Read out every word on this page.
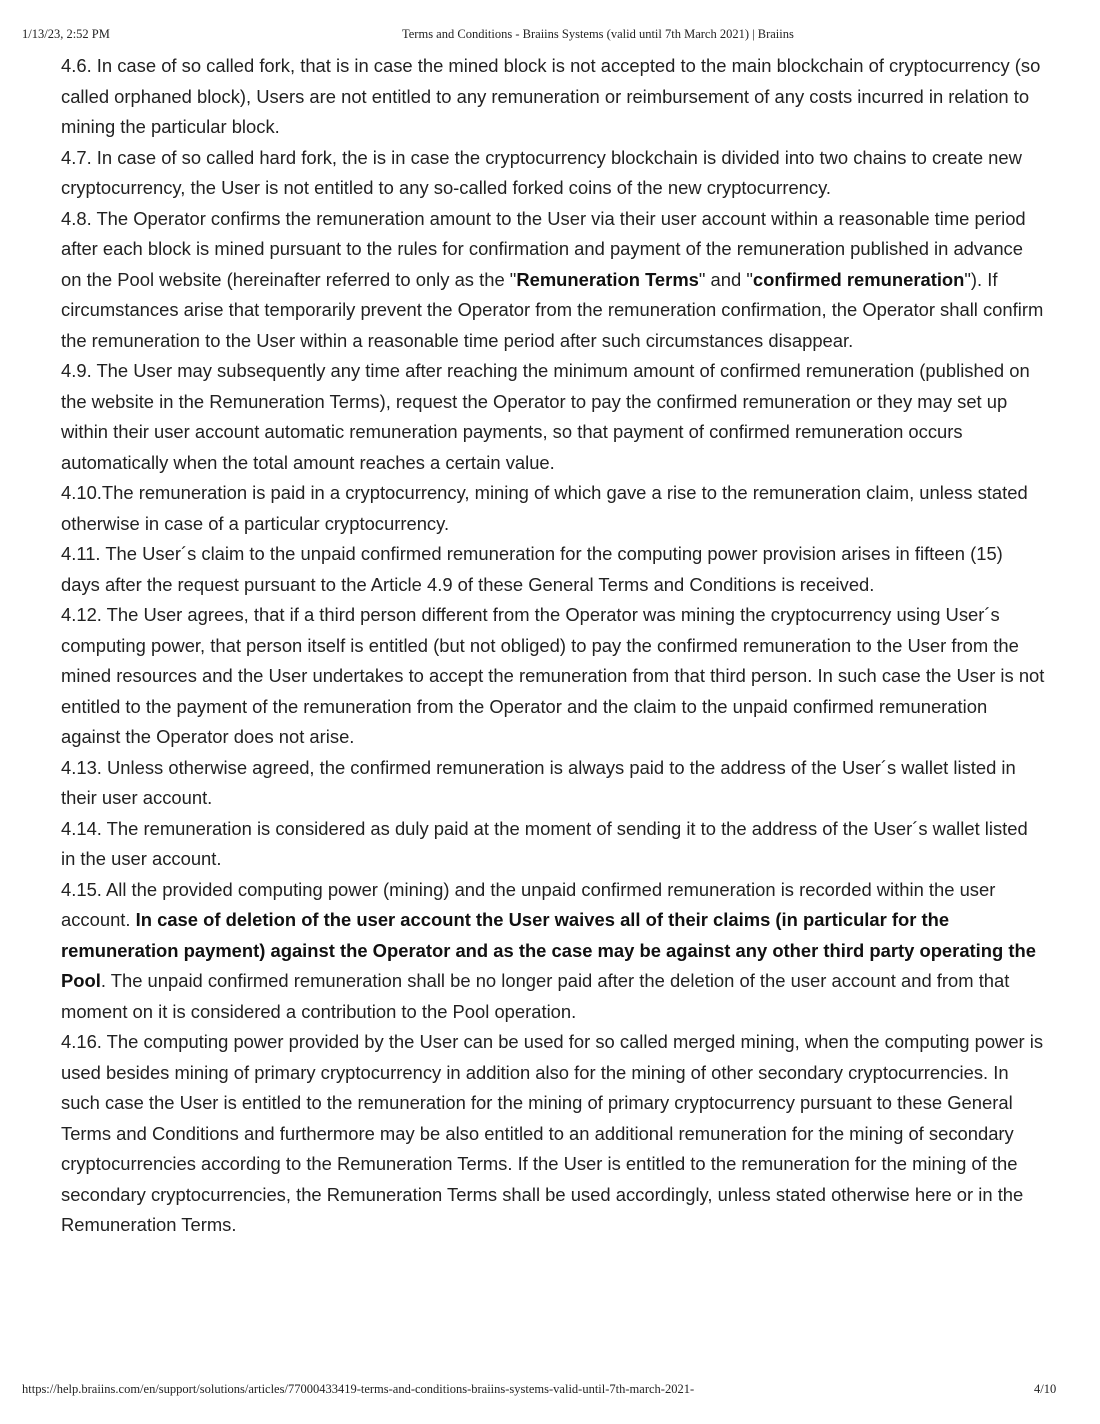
1/13/23, 2:52 PM	Terms and Conditions - Braiins Systems (valid until 7th March 2021) | Braiins

4.6. In case of so called fork, that is in case the mined block is not accepted to the main blockchain of cryptocurrency (so called orphaned block), Users are not entitled to any remuneration or reimbursement of any costs incurred in relation to mining the particular block.

4.7. In case of so called hard fork, the is in case the cryptocurrency blockchain is divided into two chains to create new cryptocurrency, the User is not entitled to any so-called forked coins of the new cryptocurrency.

4.8. The Operator confirms the remuneration amount to the User via their user account within a reasonable time period after each block is mined pursuant to the rules for confirmation and payment of the remuneration published in advance on the Pool website (hereinafter referred to only as the "Remuneration Terms" and "confirmed remuneration"). If circumstances arise that temporarily prevent the Operator from the remuneration confirmation, the Operator shall confirm the remuneration to the User within a reasonable time period after such circumstances disappear.

4.9. The User may subsequently any time after reaching the minimum amount of confirmed remuneration (published on the website in the Remuneration Terms), request the Operator to pay the confirmed remuneration or they may set up within their user account automatic remuneration payments, so that payment of confirmed remuneration occurs automatically when the total amount reaches a certain value.

4.10.The remuneration is paid in a cryptocurrency, mining of which gave a rise to the remuneration claim, unless stated otherwise in case of a particular cryptocurrency.

4.11. The User´s claim to the unpaid confirmed remuneration for the computing power provision arises in fifteen (15) days after the request pursuant to the Article 4.9 of these General Terms and Conditions is received.

4.12. The User agrees, that if a third person different from the Operator was mining the cryptocurrency using User´s computing power, that person itself is entitled (but not obliged) to pay the confirmed remuneration to the User from the mined resources and the User undertakes to accept the remuneration from that third person. In such case the User is not entitled to the payment of the remuneration from the Operator and the claim to the unpaid confirmed remuneration against the Operator does not arise.

4.13. Unless otherwise agreed, the confirmed remuneration is always paid to the address of the User´s wallet listed in their user account.

4.14. The remuneration is considered as duly paid at the moment of sending it to the address of the User´s wallet listed in the user account.

4.15. All the provided computing power (mining) and the unpaid confirmed remuneration is recorded within the user account. In case of deletion of the user account the User waives all of their claims (in particular for the remuneration payment) against the Operator and as the case may be against any other third party operating the Pool. The unpaid confirmed remuneration shall be no longer paid after the deletion of the user account and from that moment on it is considered a contribution to the Pool operation.

4.16. The computing power provided by the User can be used for so called merged mining, when the computing power is used besides mining of primary cryptocurrency in addition also for the mining of other secondary cryptocurrencies. In such case the User is entitled to the remuneration for the mining of primary cryptocurrency pursuant to these General Terms and Conditions and furthermore may be also entitled to an additional remuneration for the mining of secondary cryptocurrencies according to the Remuneration Terms. If the User is entitled to the remuneration for the mining of the secondary cryptocurrencies, the Remuneration Terms shall be used accordingly, unless stated otherwise here or in the Remuneration Terms.

https://help.braiins.com/en/support/solutions/articles/77000433419-terms-and-conditions-braiins-systems-valid-until-7th-march-2021-	4/10
